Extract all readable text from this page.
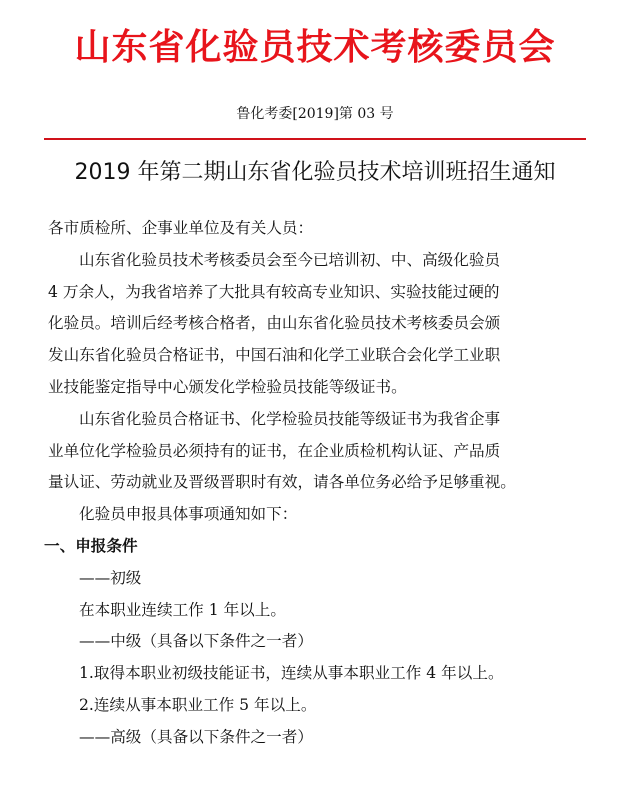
山东省化验员技术考核委员会
鲁化考委[2019]第 03 号
2019 年第二期山东省化验员技术培训班招生通知

各市质检所、企事业单位及有关人员：

山东省化验员技术考核委员会至今已培训初、中、高级化验员

4 万余人，为我省培养了大批具有较高专业知识、实验技能过硬的

化验员。培训后经考核合格者，由山东省化验员技术考核委员会颁

发山东省化验员合格证书，中国石油和化学工业联合会化学工业职

业技能鉴定指导中心颁发化学检验员技能等级证书。

山东省化验员合格证书、化学检验员技能等级证书为我省企事

业单位化学检验员必须持有的证书，在企业质检机构认证、产品质

量认证、劳动就业及晋级晋职时有效，请各单位务必给予足够重视。

化验员申报具体事项通知如下：

一、申报条件

——初级

在本职业连续工作 1 年以上。

——中级（具备以下条件之一者）

1.取得本职业初级技能证书，连续从事本职业工作 4 年以上。

2.连续从事本职业工作 5 年以上。

——高级（具备以下条件之一者）
